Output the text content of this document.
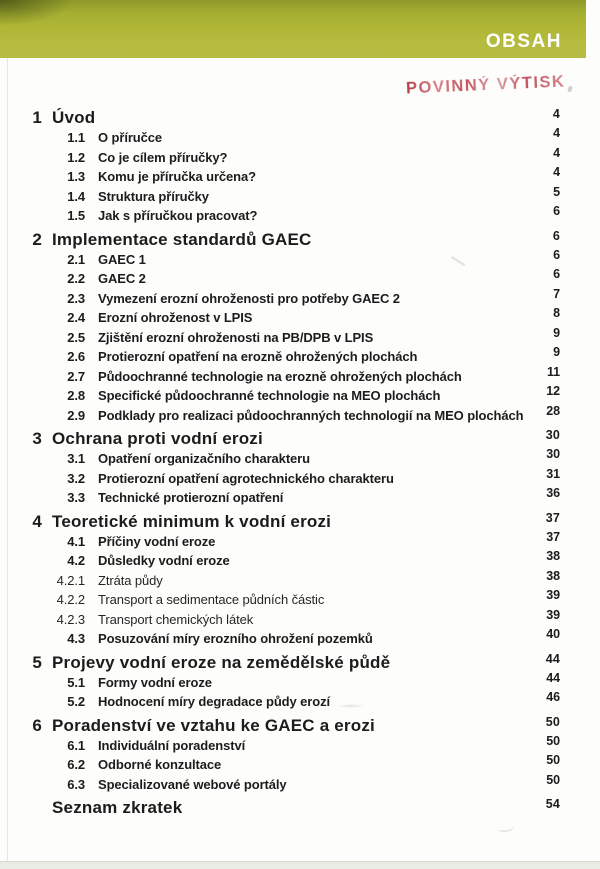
OBSAH
POVINNÝ VÝTISK
1 Úvod	4
1.1 O příručce	4
1.2 Co je cílem příručky?	4
1.3 Komu je příručka určena?	4
1.4 Struktura příručky	5
1.5 Jak s příručkou pracovat?	6
2 Implementace standardů GAEC	6
2.1 GAEC 1	6
2.2 GAEC 2	6
2.3 Vymezení erozní ohroženosti pro potřeby GAEC 2	7
2.4 Erozní ohroženost v LPIS	8
2.5 Zjištění erozní ohroženosti na PB/DPB v LPIS	9
2.6 Protierozní opatření na erozně ohrožených plochách	9
2.7 Půdoochranné technologie na erozně ohrožených plochách	11
2.8 Specifické půdoochranné technologie na MEO plochách	12
2.9 Podklady pro realizaci půdoochranných technologií na MEO plochách	28
3 Ochrana proti vodní erozi	30
3.1 Opatření organizačního charakteru	30
3.2 Protierozní opatření agrotechnického charakteru	31
3.3 Technické protierozní opatření	36
4 Teoretické minimum k vodní erozi	37
4.1 Příčiny vodní eroze	37
4.2 Důsledky vodní eroze	38
4.2.1 Ztráta půdy	38
4.2.2 Transport a sedimentace půdních částic	39
4.2.3 Transport chemických látek	39
4.3 Posuzování míry erozního ohrožení pozemků	40
5 Projevy vodní eroze na zemědělské půdě	44
5.1 Formy vodní eroze	44
5.2 Hodnocení míry degradace půdy erozí	46
6 Poradenství ve vztahu ke GAEC a erozi	50
6.1 Individuální poradenství	50
6.2 Odborné konzultace	50
6.3 Specializované webové portály	50
Seznam zkratek	54
